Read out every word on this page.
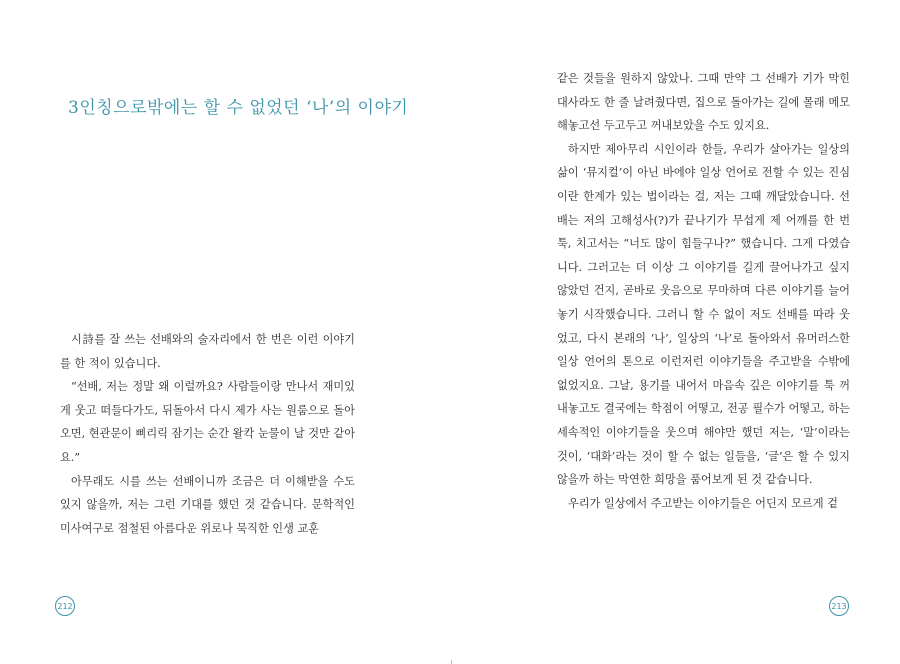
3인칭으로밖에는 할 수 없었던 ‘나’의 이야기

시詩를 잘 쓰는 선배와의 술자리에서 한 번은 이런 이야기를 한 적이 있습니다.

“선배, 저는 정말 왜 이럴까요? 사람들이랑 만나서 재미있게 웃고 떠들다가도, 뒤돌아서 다시 제가 사는 원룸으로 돌아오면, 현관문이 삐리릭 잠기는 순간 왈칵 눈물이 날 것만 같아요.”

아무래도 시를 쓰는 선배이니까 조금은 더 이해받을 수도 있지 않을까, 저는 그런 기대를 했던 것 같습니다. 문학적인 미사여구로 점철된 아름다운 위로나 묵직한 인생 교훈

같은 것들을 원하지 않았나. 그때 만약 그 선배가 기가 막힌 대사라도 한 줄 날려줬다면, 집으로 돌아가는 길에 몰래 메모해놓고선 두고두고 꺼내보았을 수도 있지요.

하지만 제아무리 시인이라 한들, 우리가 살아가는 일상의 삶이 ‘뮤지컬’이 아닌 바에야 일상 언어로 전할 수 있는 진심이란 한계가 있는 법이라는 걸, 저는 그때 깨달았습니다. 선배는 저의 고해성사(?)가 끝나기가 무섭게 제 어깨를 한 번 툭, 치고서는 “너도 많이 힘들구나?” 했습니다. 그게 다였습니다. 그러고는 더 이상 그 이야기를 길게 끌어나가고 싶지 않았던 건지, 곧바로 웃음으로 무마하며 다른 이야기를 늘어놓기 시작했습니다. 그러니 할 수 없이 저도 선배를 따라 웃었고, 다시 본래의 ‘나’, 일상의 ‘나’로 돌아와서 유머러스한 일상 언어의 톤으로 이런저런 이야기들을 주고받을 수밖에 없었지요. 그날, 용기를 내어서 마음속 깊은 이야기를 툭 꺼내놓고도 결국에는 학점이 어떻고, 전공 필수가 어떻고, 하는 세속적인 이야기들을 웃으며 해야만 했던 저는, ‘말’이라는 것이, ‘대화’라는 것이 할 수 없는 일들을, ‘글’은 할 수 있지 않을까 하는 막연한 희망을 품어보게 된 것 같습니다.

우리가 일상에서 주고받는 이야기들은 어딘지 모르게 겉

212	213
